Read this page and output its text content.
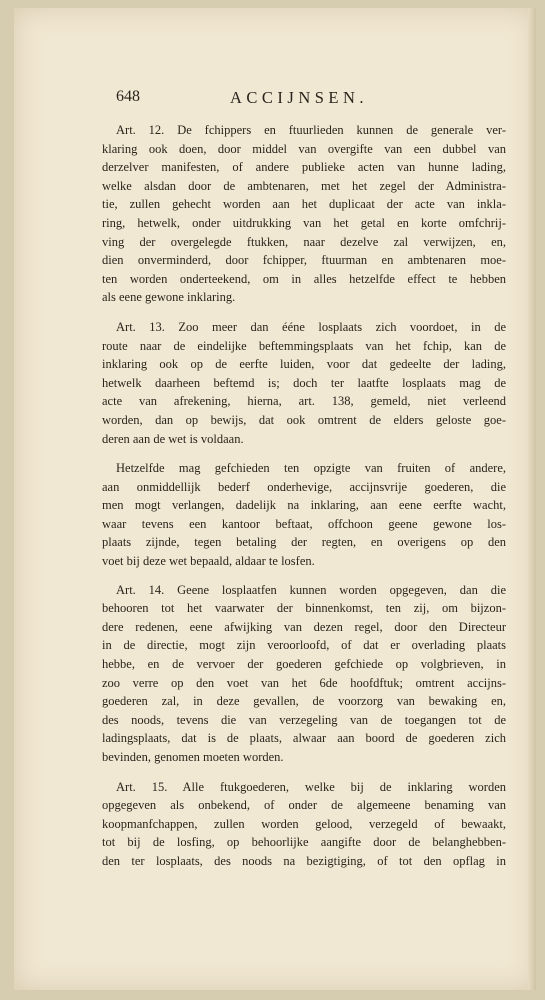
648	ACCIJNSEN.
Art. 12. De fchippers en ftuurlieden kunnen de generale ver-
klaring ook doen, door middel van overgifte van een dubbel van
derzelver manifesten, of andere publieke acten van hunne lading,
welke alsdan door de ambtenaren, met het zegel der Administra-
tie, zullen gehecht worden aan het duplicaat der acte van inkla-
ring, hetwelk, onder uitdrukking van het getal en korte omfchrij-
ving der overgelegde ftukken, naar dezelve zal verwijzen, en,
dien onverminderd, door fchipper, ftuurman en ambtenaren moe-
ten worden onderteekend, om in alles hetzelfde effect te hebben
als eene gewone inklaring.
Art. 13. Zoo meer dan ééne losplaats zich voordoet, in de
route naar de eindelijke beftemmingsplaats van het fchip, kan de
inklaring ook op de eerfte luiden, voor dat gedeelte der lading,
hetwelk daarheen beftemd is; doch ter laatfte losplaats mag de
acte van afrekening, hierna, art. 138, gemeld, niet verleend
worden, dan op bewijs, dat ook omtrent de elders geloste goe-
deren aan de wet is voldaan.
Hetzelfde mag gefchieden ten opzigte van fruiten of andere,
aan onmiddellijk bederf onderhevige, accijnsvrije goederen, die
men mogt verlangen, dadelijk na inklaring, aan eene eerfte wacht,
waar tevens een kantoor beftaat, offchoon geene gewone los-
plaats zijnde, tegen betaling der regten, en overigens op den
voet bij deze wet bepaald, aldaar te losfen.
Art. 14. Geene losplaatfen kunnen worden opgegeven, dan die
behooren tot het vaarwater der binnenkomst, ten zij, om bijzon-
dere redenen, eene afwijking van dezen regel, door den Directeur
in de directie, mogt zijn veroorloofd, of dat er overlading plaats
hebbe, en de vervoer der goederen gefchiede op volgbrieven, in
zoo verre op den voet van het 6de hoofdftuk; omtrent accijns-
goederen zal, in deze gevallen, de voorzorg van bewaking en,
des noods, tevens die van verzegeling van de toegangen tot de
ladingsplaats, dat is de plaats, alwaar aan boord de goederen zich
bevinden, genomen moeten worden.
Art. 15. Alle ftukgoederen, welke bij de inklaring worden
opgegeven als onbekend, of onder de algemeene benaming van
koopmanfchappen, zullen worden gelood, verzegeld of bewaakt,
tot bij de losfing, op behoorlijke aangifte door de belanghebben-
den ter losplaats, des noods na bezigtiging, of tot den opflag in
